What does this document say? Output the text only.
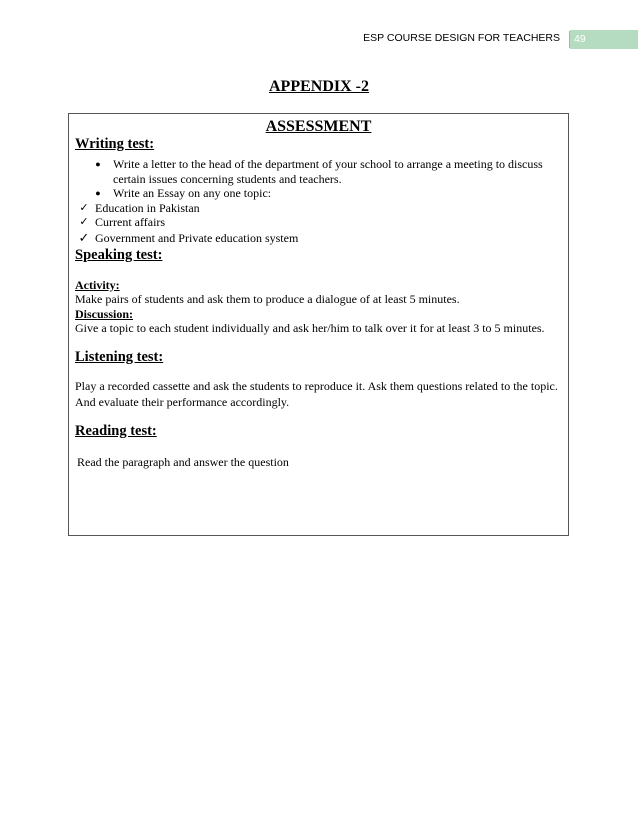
ESP COURSE DESIGN FOR TEACHERS	49
APPENDIX -2
ASSESSMENT
Writing test:
●	Write a letter to the head of the department of your school to arrange a meeting to discuss certain issues concerning students and teachers.
●	Write an Essay on any one topic:
✓ Education in Pakistan
✓ Current affairs
✓ Government and Private education system
Speaking test:
Activity:
Make pairs of students and ask them to produce a dialogue of at least 5 minutes.
Discussion:
Give a topic to each student individually and ask her/him to talk over it for at least 3 to 5 minutes.
Listening test:
Play a recorded cassette and ask the students to reproduce it. Ask them questions related to the topic. And evaluate their performance accordingly.
Reading test:
Read the paragraph and answer the question
